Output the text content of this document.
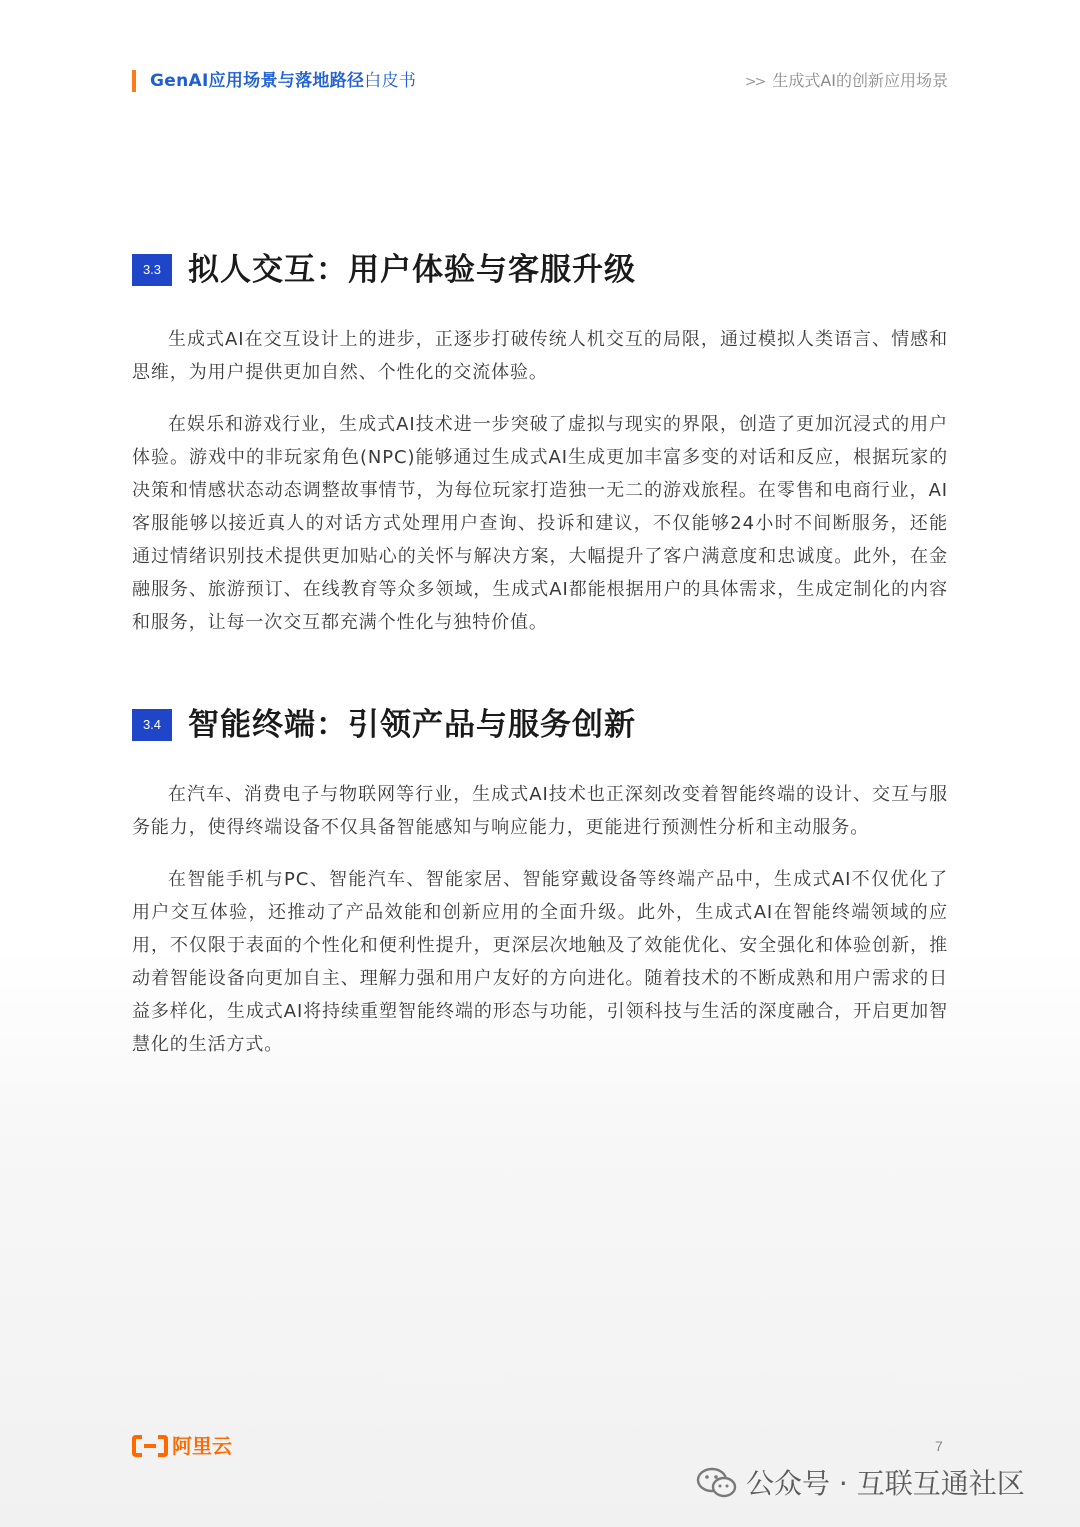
GenAI应用场景与落地路径白皮书	>> 生成式AI的创新应用场景
3.3 拟人交互：用户体验与客服升级

生成式AI在交互设计上的进步，正逐步打破传统人机交互的局限，通过模拟人类语言、情感和思维，为用户提供更加自然、个性化的交流体验。

在娱乐和游戏行业，生成式AI技术进一步突破了虚拟与现实的界限，创造了更加沉浸式的用户体验。游戏中的非玩家角色(NPC)能够通过生成式AI生成更加丰富多变的对话和反应，根据玩家的决策和情感状态动态调整故事情节，为每位玩家打造独一无二的游戏旅程。在零售和电商行业，AI客服能够以接近真人的对话方式处理用户查询、投诉和建议，不仅能够24小时不间断服务，还能通过情绪识别技术提供更加贴心的关怀与解决方案，大幅提升了客户满意度和忠诚度。此外，在金融服务、旅游预订、在线教育等众多领域，生成式AI都能根据用户的具体需求，生成定制化的内容和服务，让每一次交互都充满个性化与独特价值。

3.4 智能终端：引领产品与服务创新

在汽车、消费电子与物联网等行业，生成式AI技术也正深刻改变着智能终端的设计、交互与服务能力，使得终端设备不仅具备智能感知与响应能力，更能进行预测性分析和主动服务。

在智能手机与PC、智能汽车、智能家居、智能穿戴设备等终端产品中，生成式AI不仅优化了用户交互体验，还推动了产品效能和创新应用的全面升级。此外，生成式AI在智能终端领域的应用，不仅限于表面的个性化和便利性提升，更深层次地触及了效能优化、安全强化和体验创新，推动着智能设备向更加自主、理解力强和用户友好的方向进化。随着技术的不断成熟和用户需求的日益多样化，生成式AI将持续重塑智能终端的形态与功能，引领科技与生活的深度融合，开启更加智慧化的生活方式。

阿里云	7
公众号 · 互联互通社区
